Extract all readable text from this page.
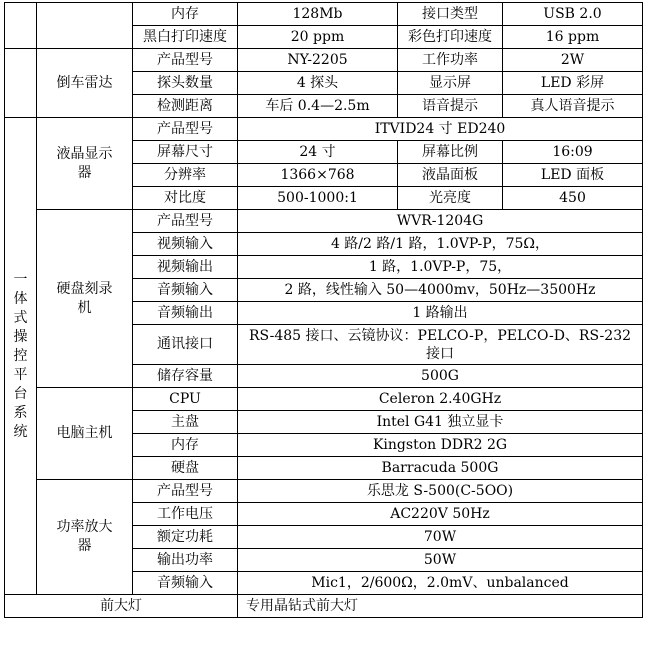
		内存	128Mb	接口类型	USB 2.0
		黑白打印速度	20 ppm	彩色打印速度	16 ppm
	倒车雷达	产品型号	NY-2205	工作功率	2W
		探头数量	4 探头	显示屏	LED 彩屏
		检测距离	车后 0.4—2.5m	语音提示	真人语音提示
一体式操控平台系统	液晶显示器	产品型号	ITVID24 寸 ED240		
		屏幕尺寸	24 寸	屏幕比例	16:09
		分辨率	1366×768	液晶面板	LED 面板
		对比度	500-1000:1	光亮度	450
	硬盘刻录机	产品型号	WVR-1204G		
		视频输入	4 路/2 路/1 路，1.0VP-P，75Ω，		
		视频输出	1 路，1.0VP-P，75，		
		音频输入	2 路，线性输入 50—4000mv，50Hz—3500Hz		
		音频输出	1 路输出		
		通讯接口	RS-485 接口、云镜协议：PELCO-P，PELCO-D、RS-232 接口		
		储存容量	500G		
	电脑主机	CPU	Celeron 2.40GHz		
		主盘	Intel G41 独立显卡		
		内存	Kingston DDR2 2G		
		硬盘	Barracuda 500G		
	功率放大器	产品型号	乐思龙 S-500(C-5OO)		
		工作电压	AC220V 50Hz		
		额定功耗	70W		
		输出功率	50W		
		音频输入	Mic1，2/600Ω，2.0mV、unbalanced		
前大灯			专用晶钻式前大灯		
